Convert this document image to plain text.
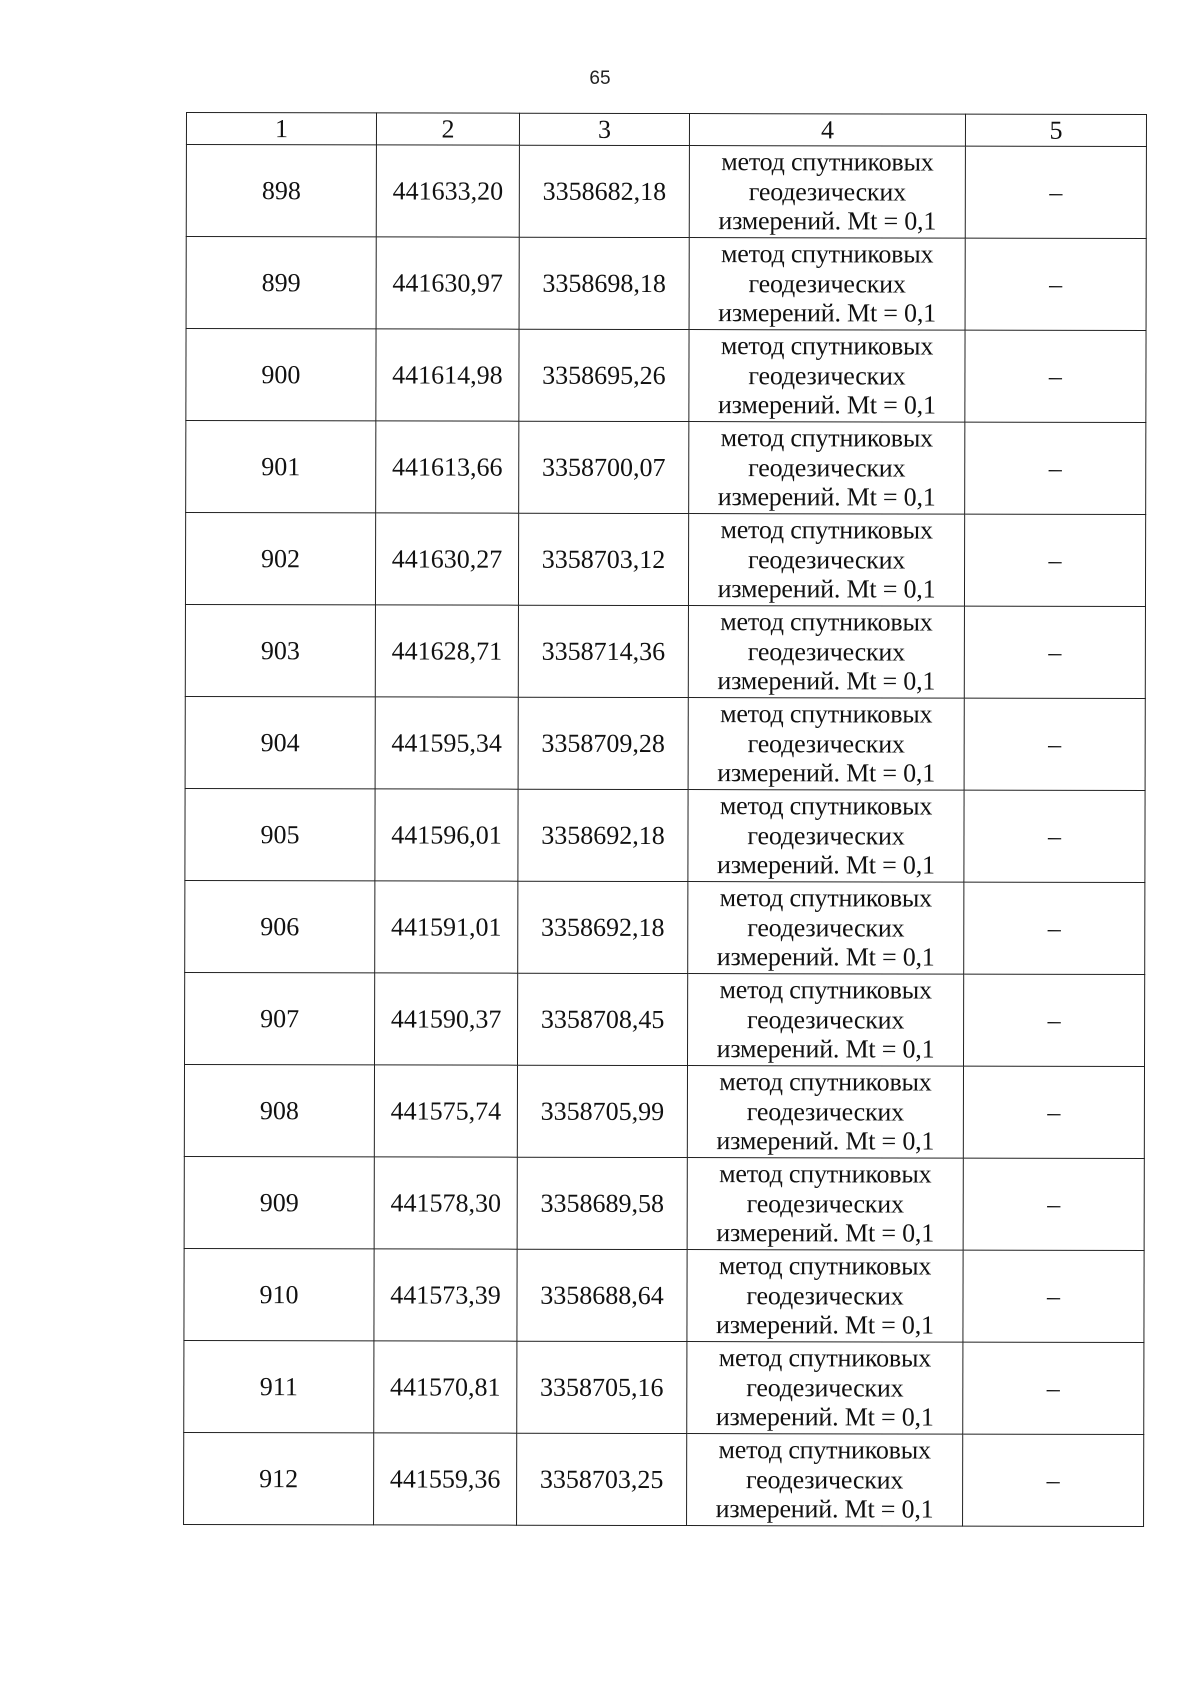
65
1	2	3	4	5
898	441633,20	3358682,18	метод спутниковых
геодезических
измерений. Mt = 0,1	–
899	441630,97	3358698,18	метод спутниковых
геодезических
измерений. Mt = 0,1	–
900	441614,98	3358695,26	метод спутниковых
геодезических
измерений. Mt = 0,1	–
901	441613,66	3358700,07	метод спутниковых
геодезических
измерений. Mt = 0,1	–
902	441630,27	3358703,12	метод спутниковых
геодезических
измерений. Mt = 0,1	–
903	441628,71	3358714,36	метод спутниковых
геодезических
измерений. Mt = 0,1	–
904	441595,34	3358709,28	метод спутниковых
геодезических
измерений. Mt = 0,1	–
905	441596,01	3358692,18	метод спутниковых
геодезических
измерений. Mt = 0,1	–
906	441591,01	3358692,18	метод спутниковых
геодезических
измерений. Mt = 0,1	–
907	441590,37	3358708,45	метод спутниковых
геодезических
измерений. Mt = 0,1	–
908	441575,74	3358705,99	метод спутниковых
геодезических
измерений. Mt = 0,1	–
909	441578,30	3358689,58	метод спутниковых
геодезических
измерений. Mt = 0,1	–
910	441573,39	3358688,64	метод спутниковых
геодезических
измерений. Mt = 0,1	–
911	441570,81	3358705,16	метод спутниковых
геодезических
измерений. Mt = 0,1	–
912	441559,36	3358703,25	метод спутниковых
геодезических
измерений. Mt = 0,1	–
